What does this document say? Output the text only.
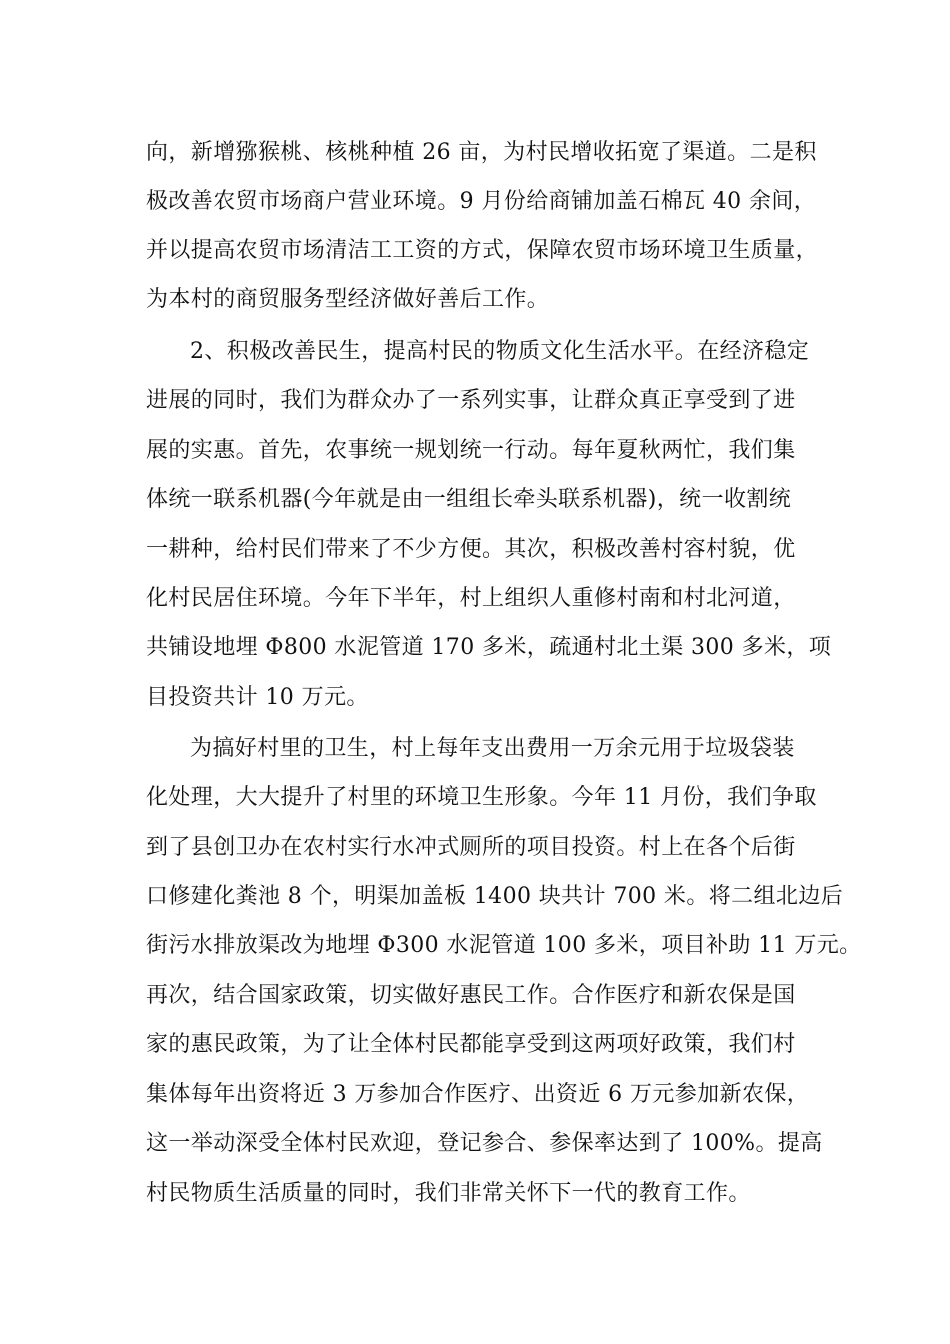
向，新增猕猴桃、核桃种植 26 亩，为村民增收拓宽了渠道。二是积
极改善农贸市场商户营业环境。9 月份给商铺加盖石棉瓦 40 余间，
并以提高农贸市场清洁工工资的方式，保障农贸市场环境卫生质量，
为本村的商贸服务型经济做好善后工作。
2、积极改善民生，提高村民的物质文化生活水平。在经济稳定
进展的同时，我们为群众办了一系列实事，让群众真正享受到了进
展的实惠。首先，农事统一规划统一行动。每年夏秋两忙，我们集
体统一联系机器(今年就是由一组组长牵头联系机器)，统一收割统
一耕种，给村民们带来了不少方便。其次，积极改善村容村貌，优
化村民居住环境。今年下半年，村上组织人重修村南和村北河道，
共铺设地埋 Φ800 水泥管道 170 多米，疏通村北土渠 300 多米，项
目投资共计 10 万元。
为搞好村里的卫生，村上每年支出费用一万余元用于垃圾袋装
化处理，大大提升了村里的环境卫生形象。今年 11 月份，我们争取
到了县创卫办在农村实行水冲式厕所的项目投资。村上在各个后街
口修建化粪池 8 个，明渠加盖板 1400 块共计 700 米。将二组北边后
街污水排放渠改为地埋 Φ300 水泥管道 100 多米，项目补助 11 万元。
再次，结合国家政策，切实做好惠民工作。合作医疗和新农保是国
家的惠民政策，为了让全体村民都能享受到这两项好政策，我们村
集体每年出资将近 3 万参加合作医疗、出资近 6 万元参加新农保，
这一举动深受全体村民欢迎，登记参合、参保率达到了 100%。提高
村民物质生活质量的同时，我们非常关怀下一代的教育工作。
